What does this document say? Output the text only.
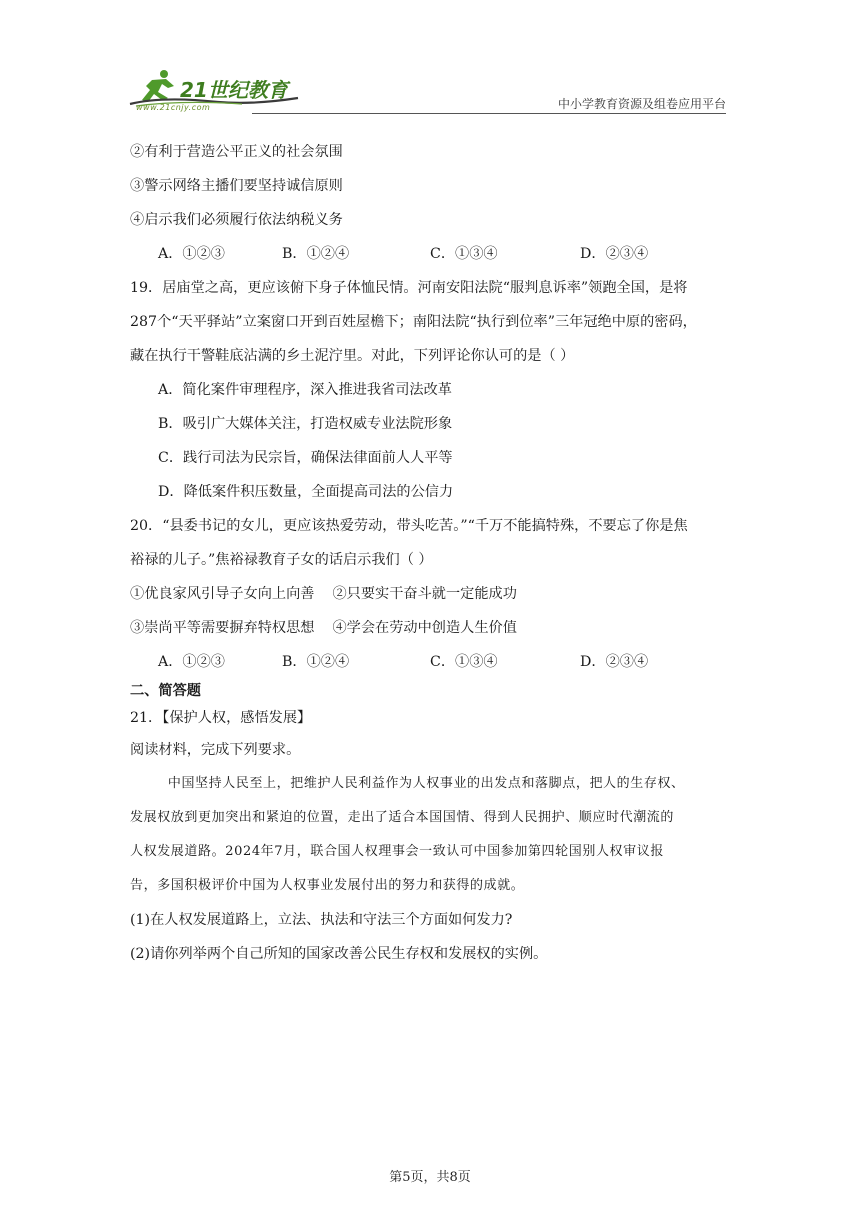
21世纪教育
www.21cnjy.com	中小学教育资源及组卷应用平台
②有利于营造公平正义的社会氛围
③警示网络主播们要坚持诚信原则
④启示我们必须履行依法纳税义务
A．①②③	B．①②④	C．①③④	D．②③④
19．居庙堂之高，更应该俯下身子体恤民情。河南安阳法院“服判息诉率”领跑全国，是将
287个“天平驿站”立案窗口开到百姓屋檐下；南阳法院“执行到位率”三年冠绝中原的密码，
藏在执行干警鞋底沾满的乡土泥泞里。对此，下列评论你认可的是（ ）
A．简化案件审理程序，深入推进我省司法改革
B．吸引广大媒体关注，打造权威专业法院形象
C．践行司法为民宗旨，确保法律面前人人平等
D．降低案件积压数量，全面提高司法的公信力
20．“县委书记的女儿，更应该热爱劳动，带头吃苦。”“千万不能搞特殊，不要忘了你是焦
裕禄的儿子。”焦裕禄教育子女的话启示我们（ ）
①优良家风引导子女向上向善    ②只要实干奋斗就一定能成功
③崇尚平等需要摒弃特权思想    ④学会在劳动中创造人生价值
A．①②③	B．①②④	C．①③④	D．②③④
二、简答题
21．【保护人权，感悟发展】
阅读材料，完成下列要求。
中国坚持人民至上，把维护人民利益作为人权事业的出发点和落脚点，把人的生存权、
发展权放到更加突出和紧迫的位置，走出了适合本国国情、得到人民拥护、顺应时代潮流的
人权发展道路。2024年7月，联合国人权理事会一致认可中国参加第四轮国别人权审议报
告，多国积极评价中国为人权事业发展付出的努力和获得的成就。
(1)在人权发展道路上，立法、执法和守法三个方面如何发力?
(2)请你列举两个自己所知的国家改善公民生存权和发展权的实例。
第5页，共8页
